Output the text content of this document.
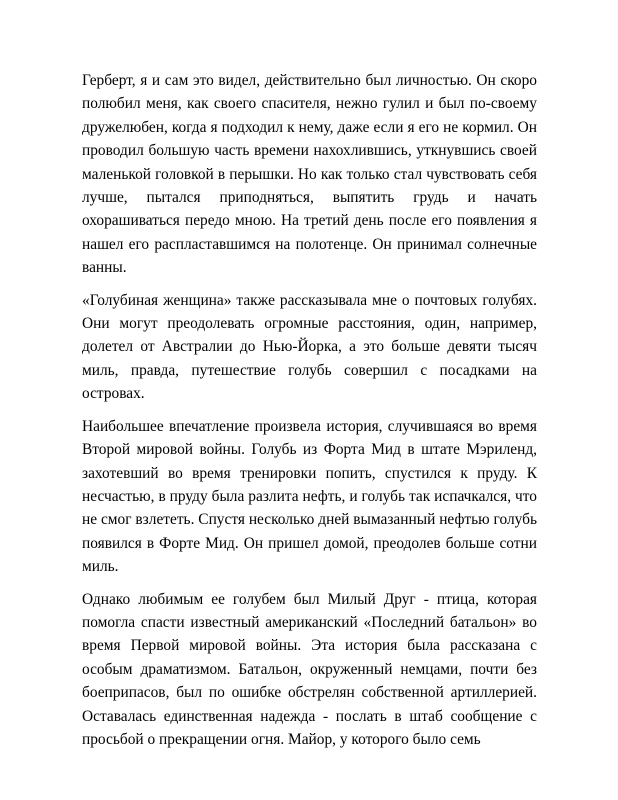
Герберт, я и сам это видел, действительно был личностью. Он скоро полюбил меня, как своего спасителя, нежно гулил и был по-своему дружелюбен, когда я подходил к нему, даже если я его не кормил. Он проводил большую часть времени нахохлившись, уткнувшись своей маленькой головкой в перышки. Но как только стал чувствовать себя лучше, пытался приподняться, выпятить грудь и начать охорашиваться передо мною. На третий день после его появления я нашел его распластавшимся на полотенце. Он принимал солнечные ванны.

«Голубиная женщина» также рассказывала мне о почтовых голубях. Они могут преодолевать огромные расстояния, один, например, долетел от Австралии до Нью-Йорка, а это больше девяти тысяч миль, правда, путешествие голубь совершил с посадками на островах.

Наибольшее впечатление произвела история, случившаяся во время Второй мировой войны. Голубь из Форта Мид в штате Мэриленд, захотевший во время тренировки попить, спустился к пруду. К несчастью, в пруду была разлита нефть, и голубь так испачкался, что не смог взлететь. Спустя несколько дней вымазанный нефтью голубь появился в Форте Мид. Он пришел домой, преодолев больше сотни миль.

Однако любимым ее голубем был Милый Друг - птица, которая помогла спасти известный американский «Последний батальон» во время Первой мировой войны. Эта история была рассказана с особым драматизмом. Батальон, окруженный немцами, почти без боеприпасов, был по ошибке обстрелян собственной артиллерией. Оставалась единственная надежда - послать в штаб сообщение с просьбой о прекращении огня. Майор, у которого было семь
